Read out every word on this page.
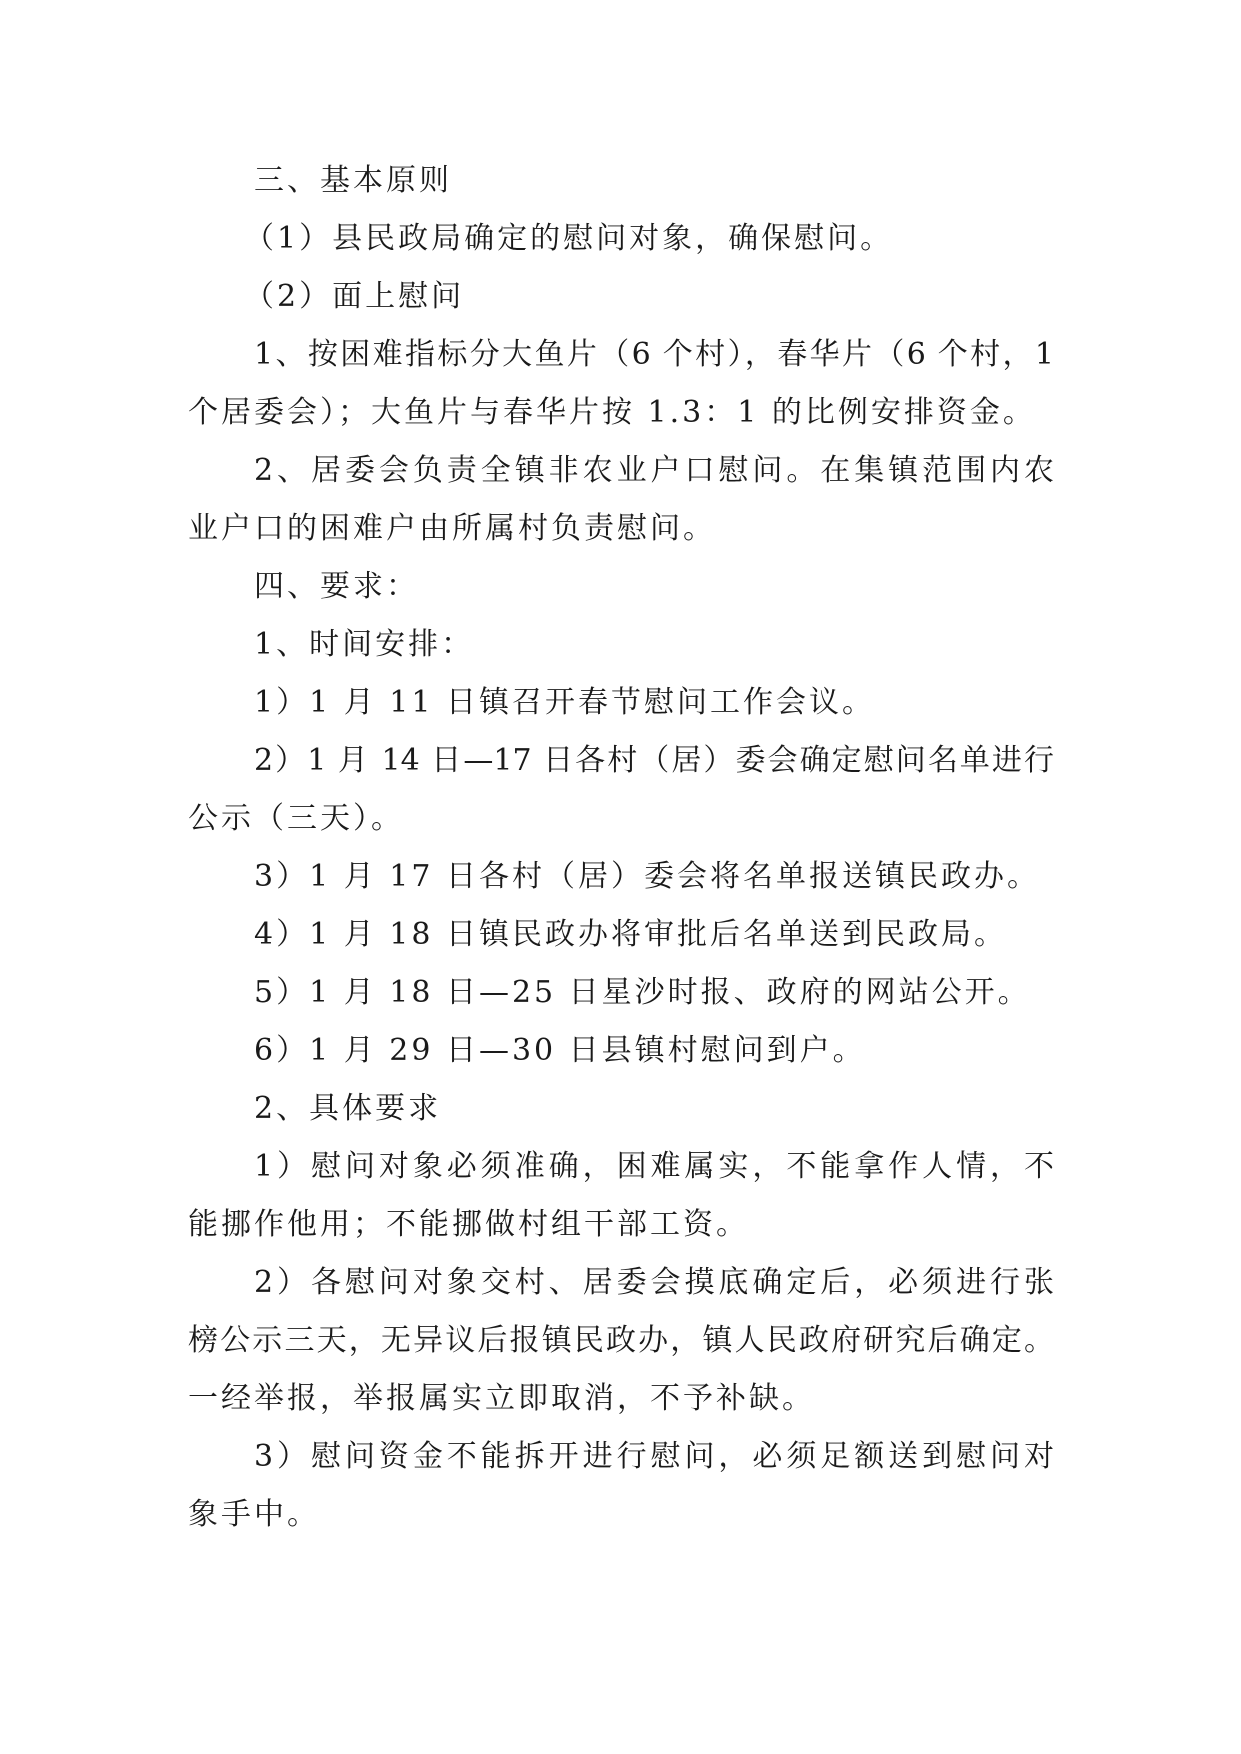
三、基本原则
（1）县民政局确定的慰问对象，确保慰问。
（2）面上慰问
1、按困难指标分大鱼片（6 个村），春华片（6 个村，1
个居委会）；大鱼片与春华片按 1.3：1 的比例安排资金。
2、居委会负责全镇非农业户口慰问。在集镇范围内农
业户口的困难户由所属村负责慰问。
四、要求：
1、时间安排：
1）1 月 11 日镇召开春节慰问工作会议。
2）1 月 14 日—17 日各村（居）委会确定慰问名单进行
公示（三天）。
3）1 月 17 日各村（居）委会将名单报送镇民政办。
4）1 月 18 日镇民政办将审批后名单送到民政局。
5）1 月 18 日—25 日星沙时报、政府的网站公开。
6）1 月 29 日—30 日县镇村慰问到户。
2、具体要求
1）慰问对象必须准确，困难属实，不能拿作人情，不
能挪作他用；不能挪做村组干部工资。
2）各慰问对象交村、居委会摸底确定后，必须进行张
榜公示三天，无异议后报镇民政办，镇人民政府研究后确定。
一经举报，举报属实立即取消，不予补缺。
3）慰问资金不能拆开进行慰问，必须足额送到慰问对
象手中。
